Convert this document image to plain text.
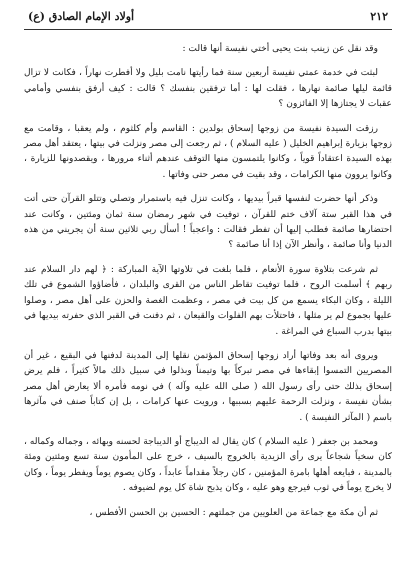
٢١٢
أولاد الإمام الصادق (ع)

وقد نقل عن زينب بنت يحيى أختي نفيسة أنها قالت :

لبثت في خدمة عمتي نفيسة أربعين سنة فما رأيتها نامت بليل ولا أفطرت نهاراً ، فكانت لا تزال قائمة ليلها صائمة نهارها ، فقلت لها : أما ترفقين بنفسك ؟ قالت : كيف أرفق بنفسي وأمامي عقبات لا يجتازها إلا الفائزون ؟

رزقت السيدة نفيسة من زوجها إسحاق بولدين : القاسم وأم كلثوم ، ولم يعقبا ، وقامت مع زوجها بزيارة إبراهيم الخليل ( عليه السلام ) ، ثم رجعت إلى مصر ونزلت في بيتها ، يعتقد أهل مصر بهذه السيدة اعتقاداً قوياً ، وكانوا يلتمسون منها التوقف عندهم أثناء مرورها ، ويقصدونها للزيارة ، وكانوا يروون منها الكرامات ، وقد بقيت في مصر حتى وفاتها .

وذكر أنها حضرت لنفسها قبراً بيديها ، وكانت تنزل فيه باستمرار وتصلي وتتلو القرآن حتى أتت في هذا القبر ستة آلاف ختم للقرآن ، توفيت في شهر رمضان سنة ثمان ومئتين ، وكانت عند احتضارها صائمة فطلب إليها أن تفطر فقالت : واعجباً ! أسأل ربي ثلاثين سنة أن يجريني من هذه الدنيا وأنا صائمة ، وأنظر الآن إذا أنا صائمة ؟

ثم شرعت بتلاوة سورة الأنعام ، فلما بلغت في تلاوتها الآية المباركة : ﴿ لهم دار السلام عند ربهم ﴾ أسلمت الروح ، فلما توفيت تقاطر الناس من القرى والبلدان ، فأضاؤوا الشموع في تلك الليلة ، وكان البكاء يسمع من كل بيت في مصر ، وعظمت الغصة والحزن على أهل مصر ، وصلوا عليها بجموع لم ير مثلها ، فاحتلأت بهم الفلوات والقيعان ، ثم دفنت في القبر الذي حفرته بيديها في بيتها بدرب السباع في المراغة .

ويروى أنه بعد وفاتها أراد زوجها إسحاق المؤتمن نقلها إلى المدينة لدفنها في البقيع ، غير أن المصريين التمسوا إبقاءها في مصر تبركاً بها وتيمناً وبذلوا في سبيل ذلك مالاً كثيراً ، فلم يرض إسحاق بذلك حتى رأى رسول الله ( صلى الله عليه وآله ) في نومه فأمره ألا يعارض أهل مصر بشأن نفيسة ، ونزلت الرحمة عليهم بسببها ، ورويت عنها كرامات ، بل إن كتاباً صنف في مآثرها باسم ( المآثر النفيسة ) .

ومحمد بن جعفر ( عليه السلام ) كان يقال له الديباج أو الديباجة لحسنه وبهائه ، وجماله وكماله ، كان سخياً شجاعاً يرى رأي الزيدية بالخروج بالسيف ، خرج على المأمون سنة تسع ومئتين ومئة بالمدينة ، فبايعه أهلها بامرة المؤمنين ، كان رجلاً مقداماً عابداً ، وكان يصوم يوماً ويفطر يوماً ، وكان لا يخرج يوماً في ثوب فيرجع وهو عليه ، وكان يذبح شاة كل يوم لضيوفه .

ثم أن مكة مع جماعة من العلويين من جملتهم : الحسين بن الحسن الأفطس ،
